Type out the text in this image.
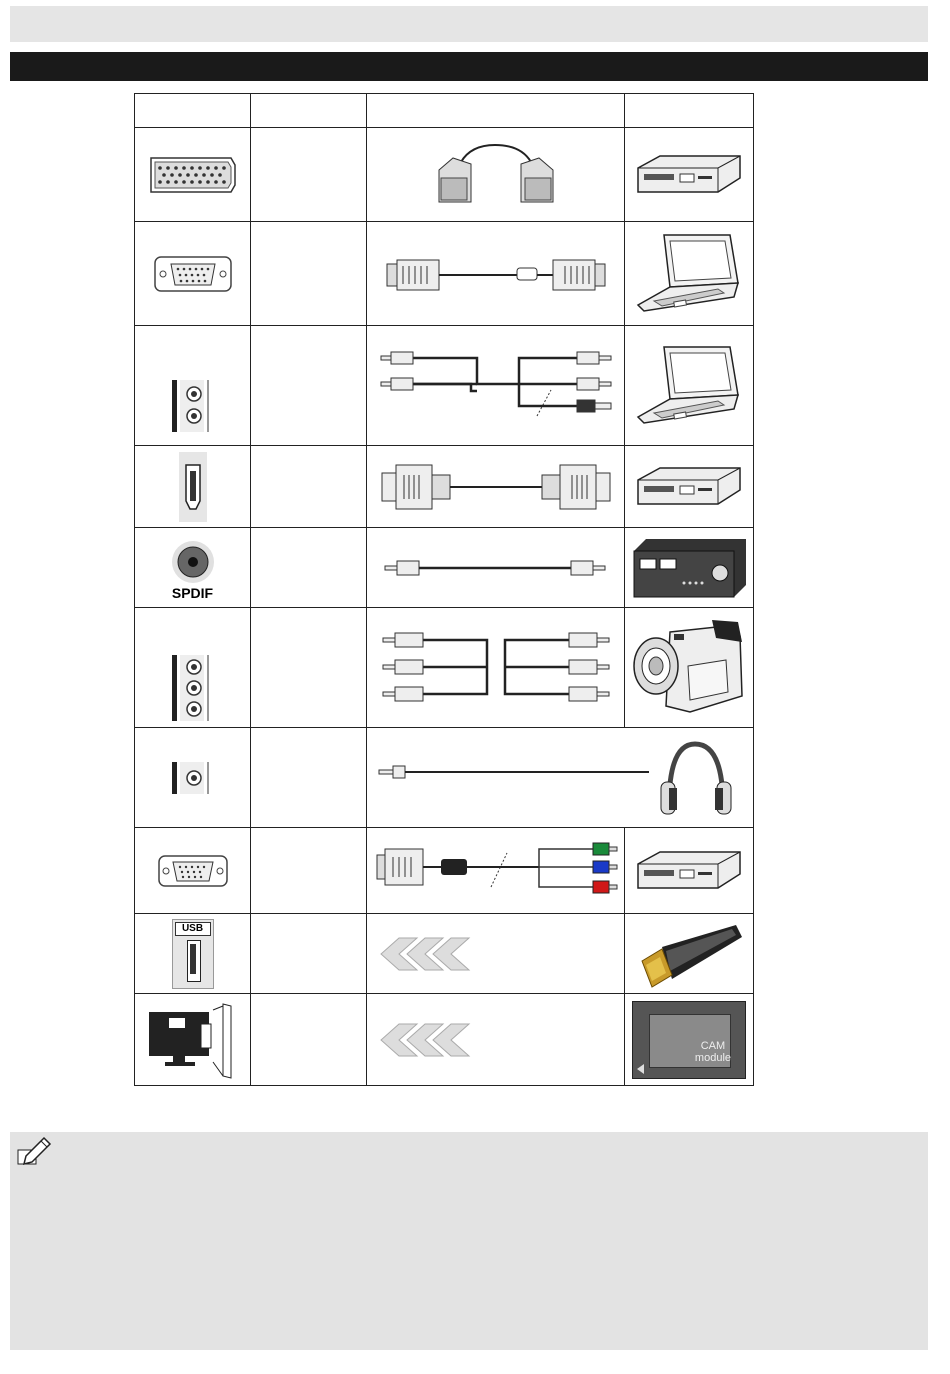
SPDIF

USB

CAM
module
